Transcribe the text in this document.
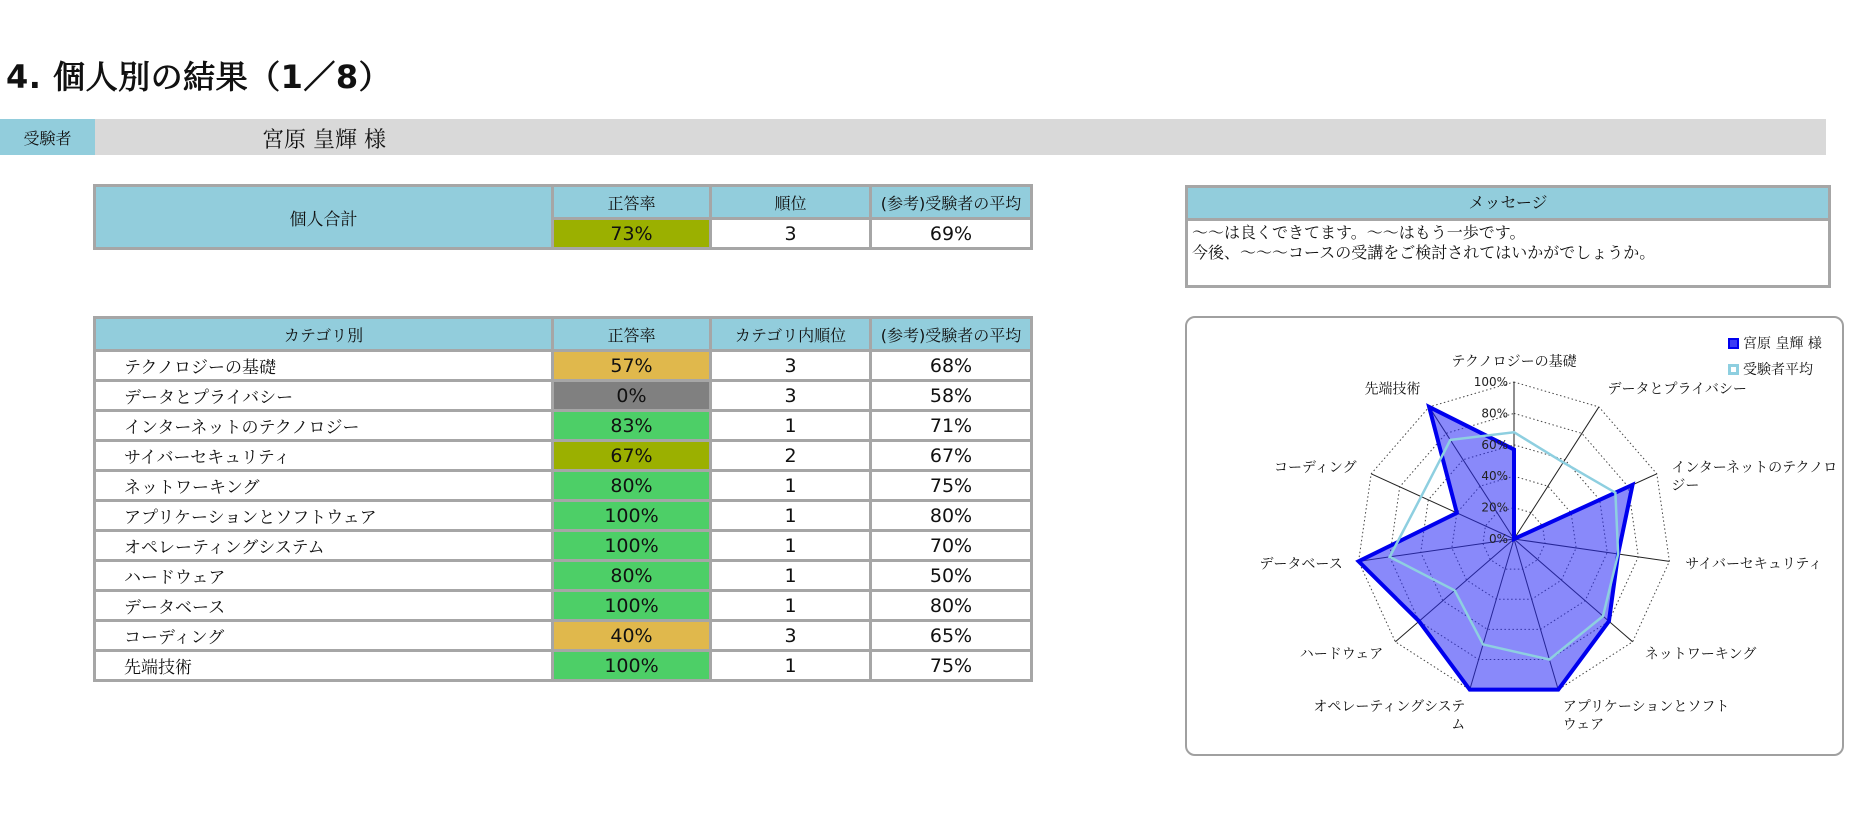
4. 個人別の結果（1／8）
受験者	宮原 皇輝 様
個人合計	正答率	順位	(参考)受験者の平均
	73%	3	69%
カテゴリ別	正答率	カテゴリ内順位	(参考)受験者の平均
テクノロジーの基礎	57%	3	68%
データとプライバシー	0%	3	58%
インターネットのテクノロジー	83%	1	71%
サイバーセキュリティ	67%	2	67%
ネットワーキング	80%	1	75%
アプリケーションとソフトウェア	100%	1	80%
オペレーティングシステム	100%	1	70%
ハードウェア	80%	1	50%
データベース	100%	1	80%
コーディング	40%	3	65%
先端技術	100%	1	75%
メッセージ
～～は良くできてます。～～はもう一歩です。
今後、～～～コースの受講をご検討されてはいかがでしょうか。
0%
20%
40%
60%
80%
100%
テクノロジーの基礎
データとプライバシー
インターネットのテクノロ
ジー
サイバーセキュリティ
ネットワーキング
アプリケーションとソフト
ウェア
オペレーティングシステ
ム
ハードウェア
データベース
コーディング
先端技術
宮原 皇輝 様
受験者平均
